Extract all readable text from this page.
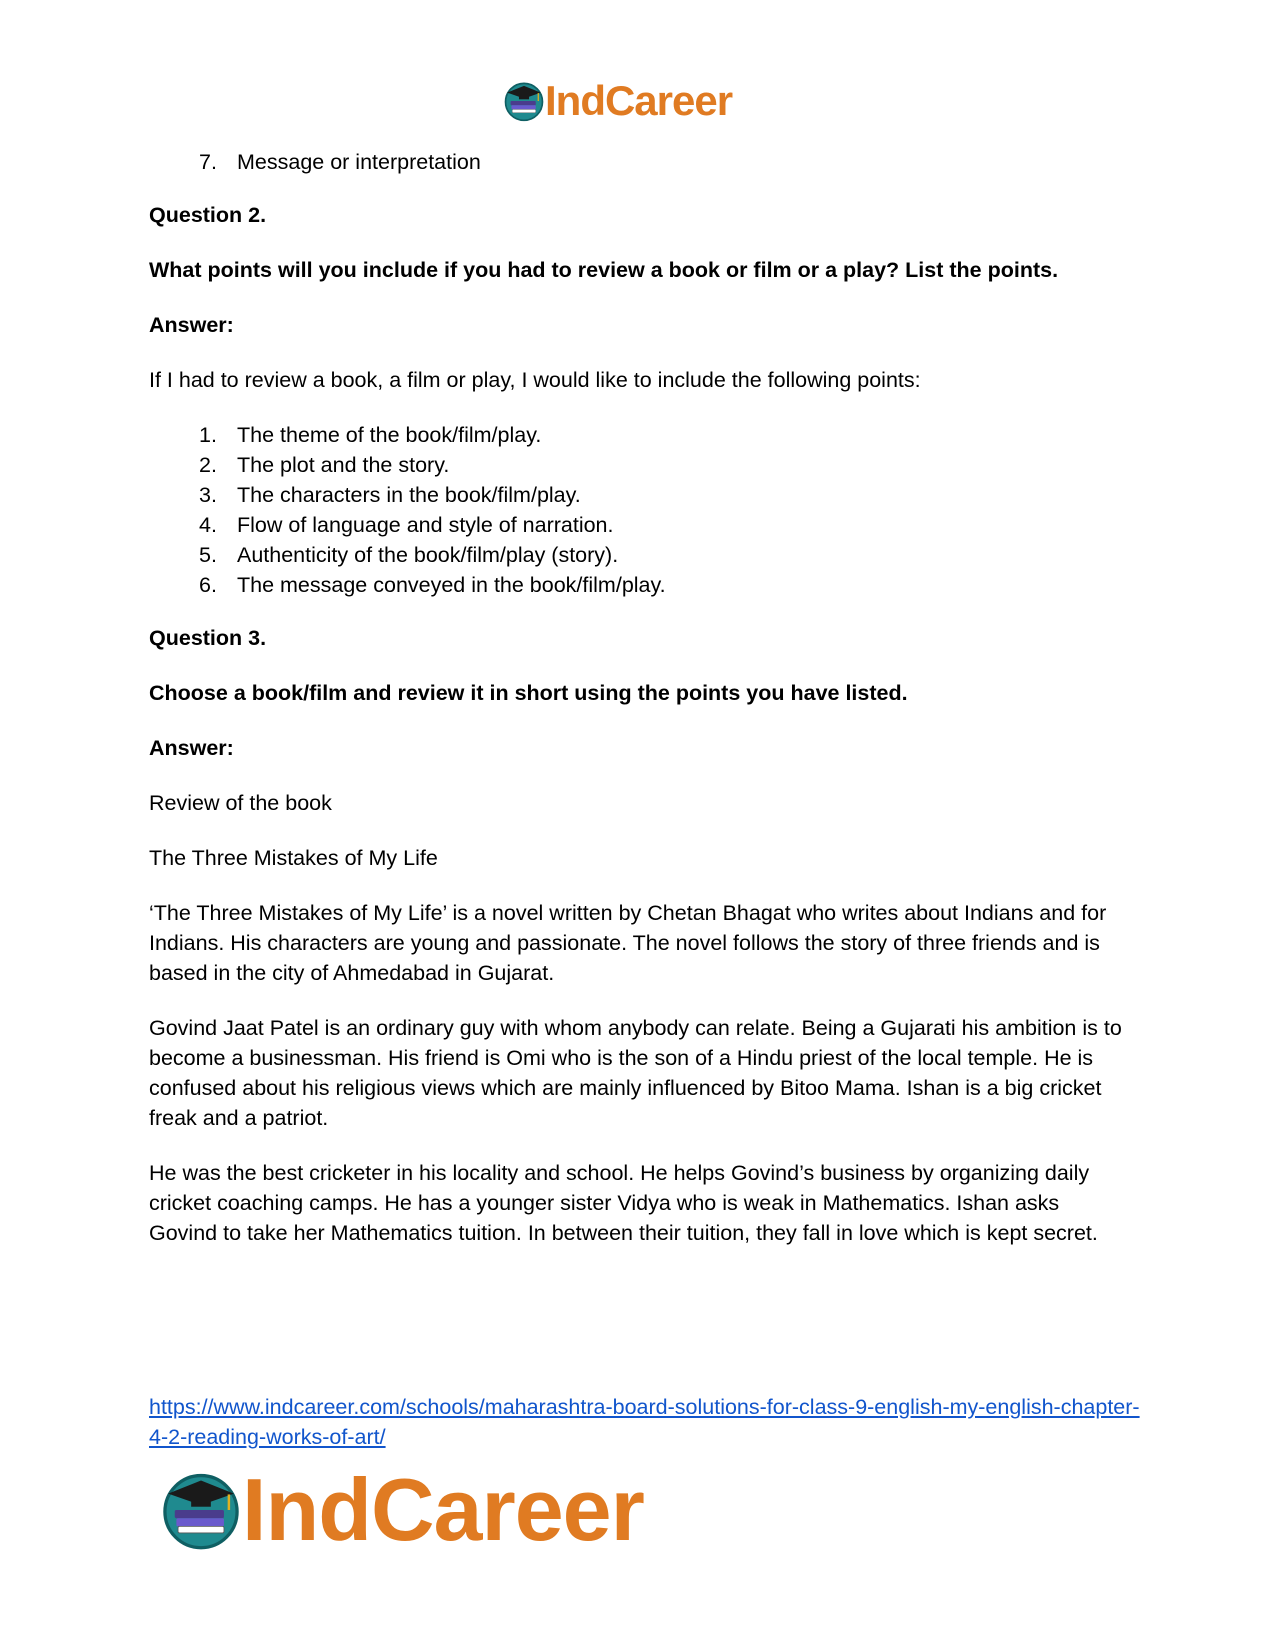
IndCareer
7. Message or interpretation

Question 2.

What points will you include if you had to review a book or film or a play? List the points.

Answer:

If I had to review a book, a film or play, I would like to include the following points:

1. The theme of the book/film/play.
2. The plot and the story.
3. The characters in the book/film/play.
4. Flow of language and style of narration.
5. Authenticity of the book/film/play (story).
6. The message conveyed in the book/film/play.

Question 3.

Choose a book/film and review it in short using the points you have listed.

Answer:

Review of the book

The Three Mistakes of My Life

‘The Three Mistakes of My Life’ is a novel written by Chetan Bhagat who writes about Indians and for Indians. His characters are young and passionate. The novel follows the story of three friends and is based in the city of Ahmedabad in Gujarat.

Govind Jaat Patel is an ordinary guy with whom anybody can relate. Being a Gujarati his ambition is to become a businessman. His friend is Omi who is the son of a Hindu priest of the local temple. He is confused about his religious views which are mainly influenced by Bitoo Mama. Ishan is a big cricket freak and a patriot.

He was the best cricketer in his locality and school. He helps Govind’s business by organizing daily cricket coaching camps. He has a younger sister Vidya who is weak in Mathematics. Ishan asks Govind to take her Mathematics tuition. In between their tuition, they fall in love which is kept secret.

https://www.indcareer.com/schools/maharashtra-board-solutions-for-class-9-english-my-english-chapter-4-2-reading-works-of-art/
IndCareer
